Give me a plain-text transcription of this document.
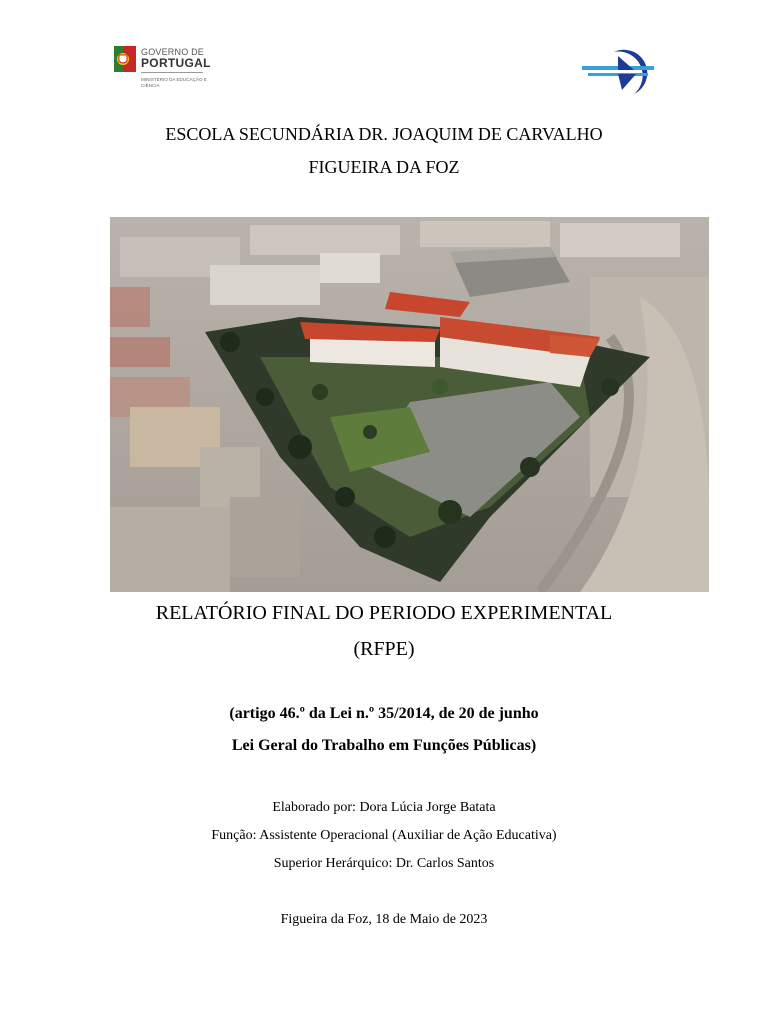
GOVERNO DE
PORTUGAL
MINISTÉRIO DA EDUCAÇÃO E CIÊNCIA
ESCOLA SECUNDÁRIA DR. JOAQUIM DE CARVALHO
FIGUEIRA DA FOZ
RELATÓRIO FINAL DO PERIODO EXPERIMENTAL
(RFPE)
(artigo 46.º da Lei n.º 35/2014, de 20 de junho
Lei Geral do Trabalho em Funções Públicas)
Elaborado por: Dora Lúcia Jorge Batata
Função: Assistente Operacional (Auxiliar de Ação Educativa)
Superior Herárquico: Dr. Carlos Santos
Figueira da Foz, 18 de Maio de 2023
